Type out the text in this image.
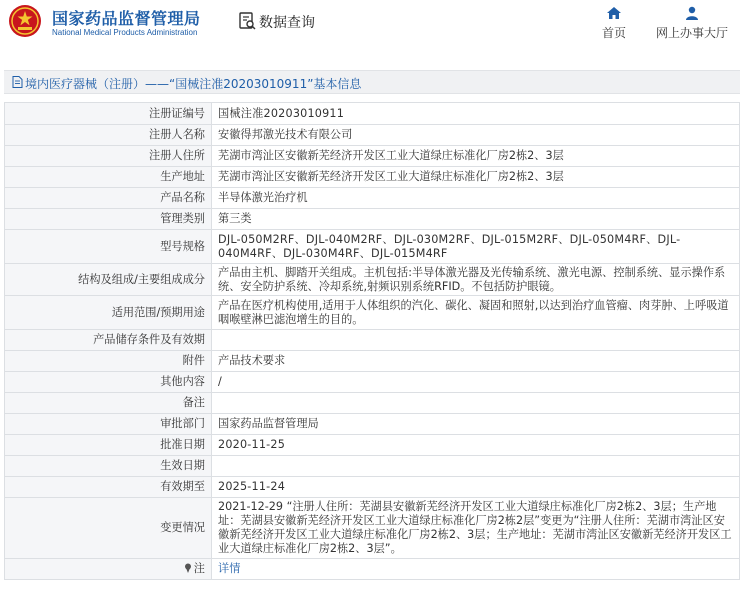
国家药品监督管理局
National Medical Products Administration
数据查询
首页	网上办事大厅
境内医疗器械（注册）——“国械注准20203010911”基本信息
注册证编号	国械注准20203010911
注册人名称	安徽得邦激光技术有限公司
注册人住所	芜湖市湾沚区安徽新芜经济开发区工业大道绿庄标准化厂房2栋2、3层
生产地址	芜湖市湾沚区安徽新芜经济开发区工业大道绿庄标准化厂房2栋2、3层
产品名称	半导体激光治疗机
管理类别	第三类
型号规格	DJL-050M2RF、DJL-040M2RF、DJL-030M2RF、DJL-015M2RF、DJL-050M4RF、DJL-040M4RF、DJL-030M4RF、DJL-015M4RF
结构及组成/主要组成成分	产品由主机、脚踏开关组成。主机包括:半导体激光器及光传输系统、激光电源、控制系统、显示操作系统、安全防护系统、冷却系统,射频识别系统RFID。不包括防护眼镜。
适用范围/预期用途	产品在医疗机构使用,适用于人体组织的汽化、碳化、凝固和照射,以达到治疗血管瘤、肉芽肿、上呼吸道咽喉壁淋巴滤泡增生的目的。
产品储存条件及有效期	
附件	产品技术要求
其他内容	/
备注	
审批部门	国家药品监督管理局
批准日期	2020-11-25
生效日期	
有效期至	2025-11-24
变更情况	2021-12-29 “注册人住所：芜湖县安徽新芜经济开发区工业大道绿庄标准化厂房2栋2、3层；生产地址：芜湖县安徽新芜经济开发区工业大道绿庄标准化厂房2栋2层”变更为“注册人住所：芜湖市湾沚区安徽新芜经济开发区工业大道绿庄标准化厂房2栋2、3层；生产地址：芜湖市湾沚区安徽新芜经济开发区工业大道绿庄标准化厂房2栋2、3层”。
注	详情
